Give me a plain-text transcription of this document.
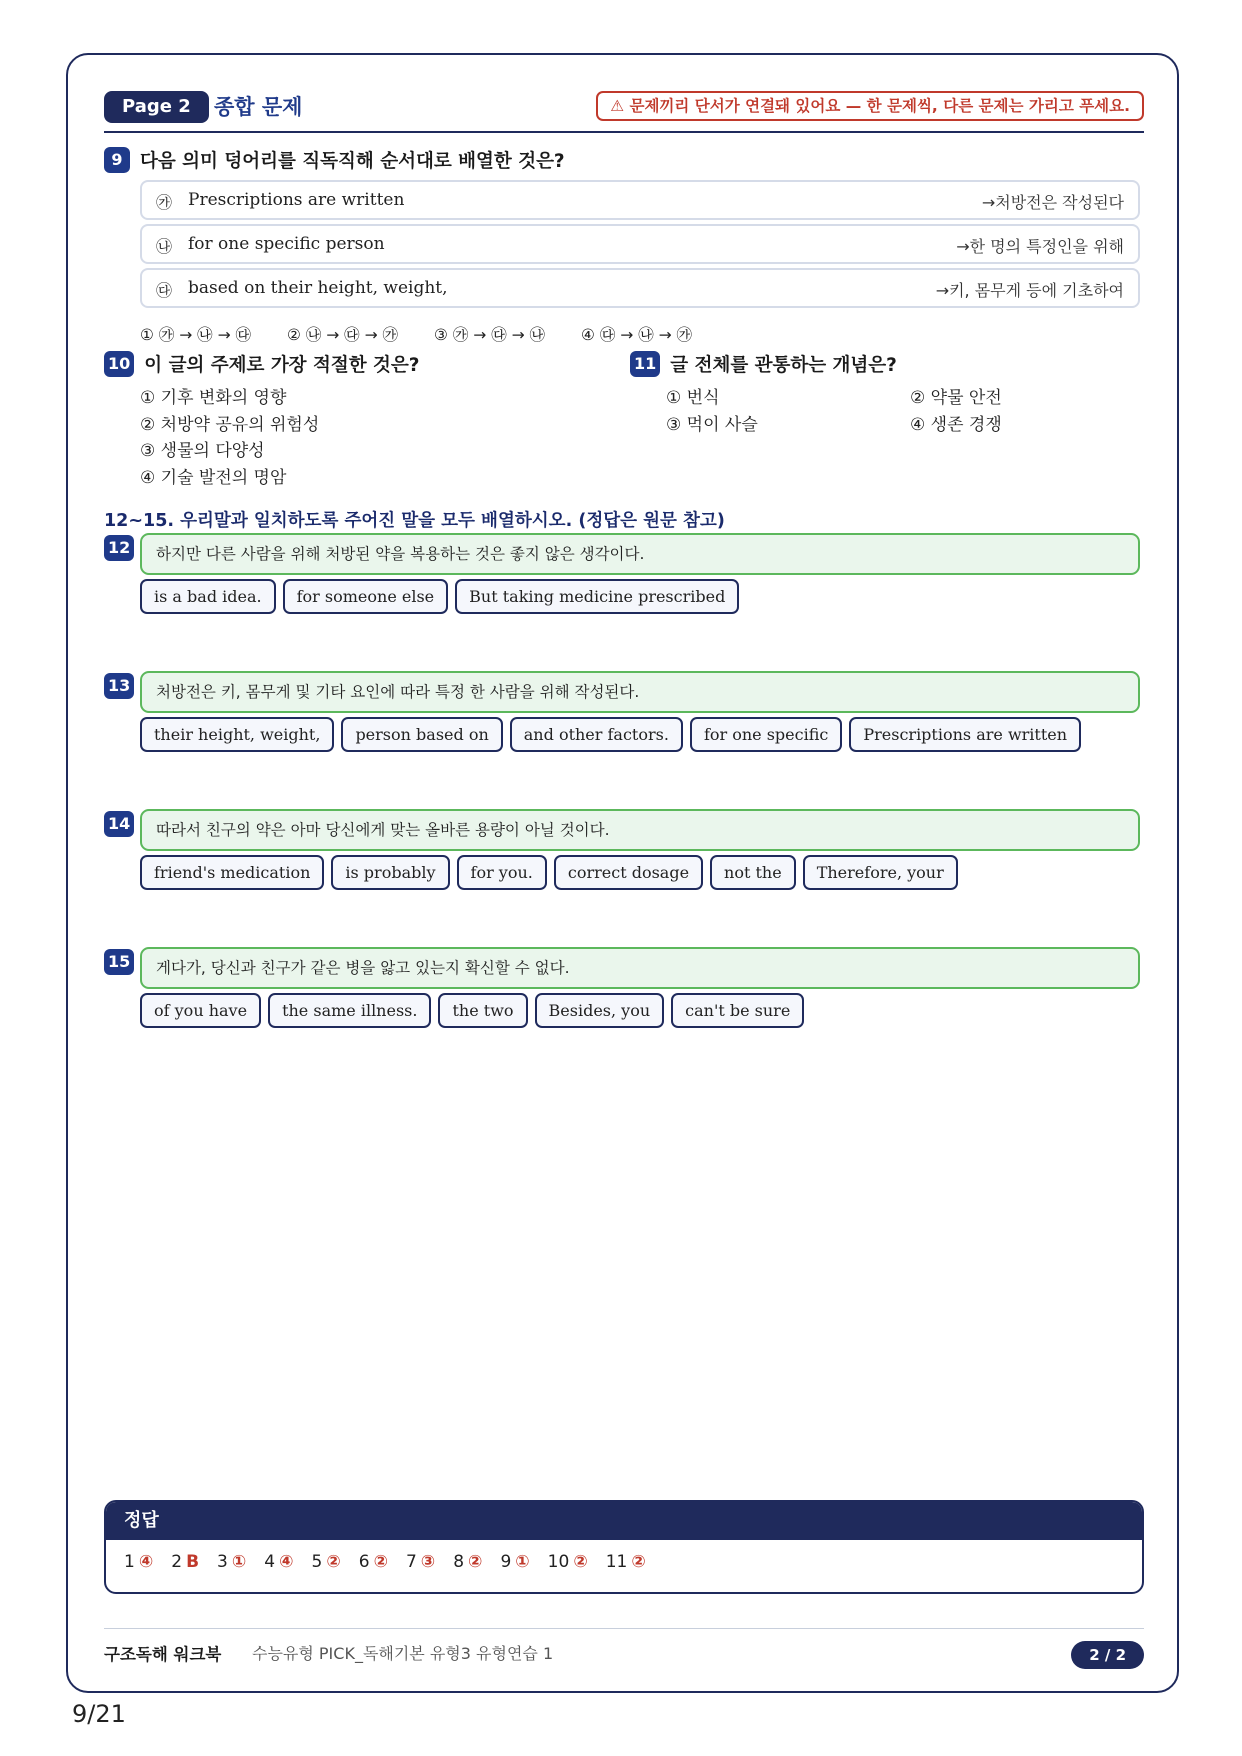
Page 2	종합 문제	⚠ 문제끼리 단서가 연결돼 있어요 — 한 문제씩, 다른 문제는 가리고 푸세요.
9 다음 의미 덩어리를 직독직해 순서대로 배열한 것은?
㉮ Prescriptions are written	→처방전은 작성된다
㉯ for one specific person	→한 명의 특정인을 위해
㉰ based on their height, weight,	→키, 몸무게 등에 기초하여
① ㉮ → ㉯ → ㉰ ② ㉯ → ㉰ → ㉮ ③ ㉮ → ㉰ → ㉯ ④ ㉰ → ㉯ → ㉮
10 이 글의 주제로 가장 적절한 것은?
① 기후 변화의 영향
② 처방약 공유의 위험성
③ 생물의 다양성
④ 기술 발전의 명암
11 글 전체를 관통하는 개념은?
① 번식	② 약물 안전
③ 먹이 사슬	④ 생존 경쟁
12~15. 우리말과 일치하도록 주어진 말을 모두 배열하시오. (정답은 원문 참고)
12	하지만 다른 사람을 위해 처방된 약을 복용하는 것은 좋지 않은 생각이다.
is a bad idea.	for someone else	But taking medicine prescribed
13	처방전은 키, 몸무게 및 기타 요인에 따라 특정 한 사람을 위해 작성된다.
their height, weight,	person based on	and other factors.	for one specific	Prescriptions are written
14	따라서 친구의 약은 아마 당신에게 맞는 올바른 용량이 아닐 것이다.
friend's medication	is probably	for you.	correct dosage	not the	Therefore, your
15	게다가, 당신과 친구가 같은 병을 앓고 있는지 확신할 수 없다.
of you have	the same illness.	the two	Besides, you	can't be sure
정답
1 ④ 2 B 3 ① 4 ④ 5 ② 6 ② 7 ③ 8 ② 9 ① 10 ② 11 ②
구조독해 워크북 수능유형 PICK_독해기본 유형3 유형연습 1	2 / 2
9/21
